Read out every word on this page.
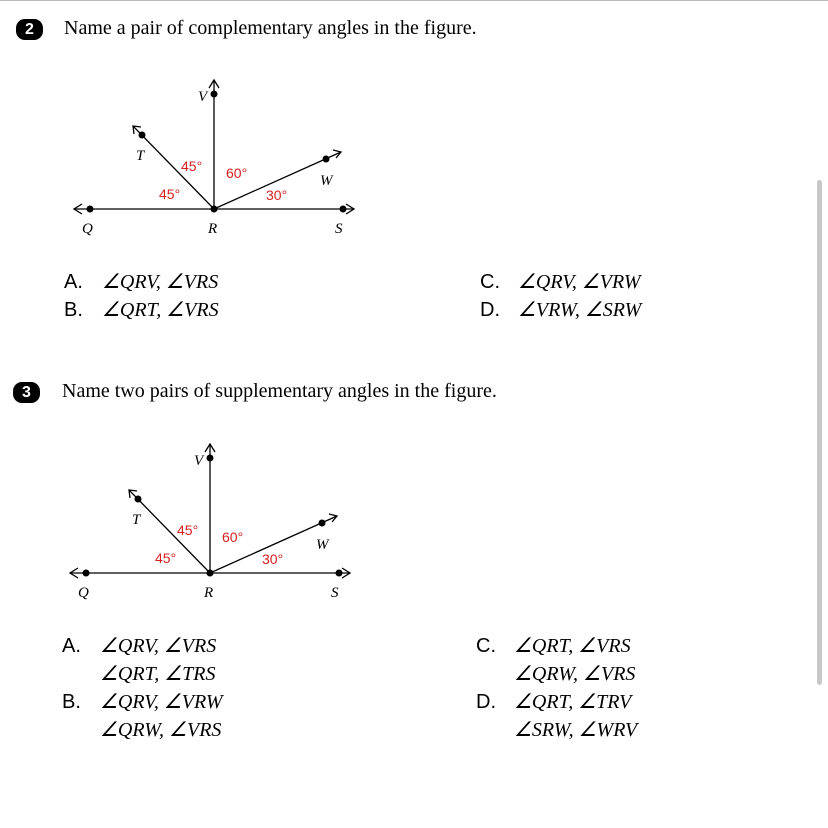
2 Name a pair of complementary angles in the figure.
V
T
W
Q	R	S
45°
45° 60°
30°
A. ∠QRV, ∠VRS
B. ∠QRT, ∠VRS
C. ∠QRV, ∠VRW
D. ∠VRW, ∠SRW
3 Name two pairs of supplementary angles in the figure.
V
T
W
Q	R	S
45°
45° 60°
30°
A. ∠QRV, ∠VRS
∠QRT, ∠TRS
B. ∠QRV, ∠VRW
∠QRW, ∠VRS
C. ∠QRT, ∠VRS
∠QRW, ∠VRS
D. ∠QRT, ∠TRV
∠SRW, ∠WRV
